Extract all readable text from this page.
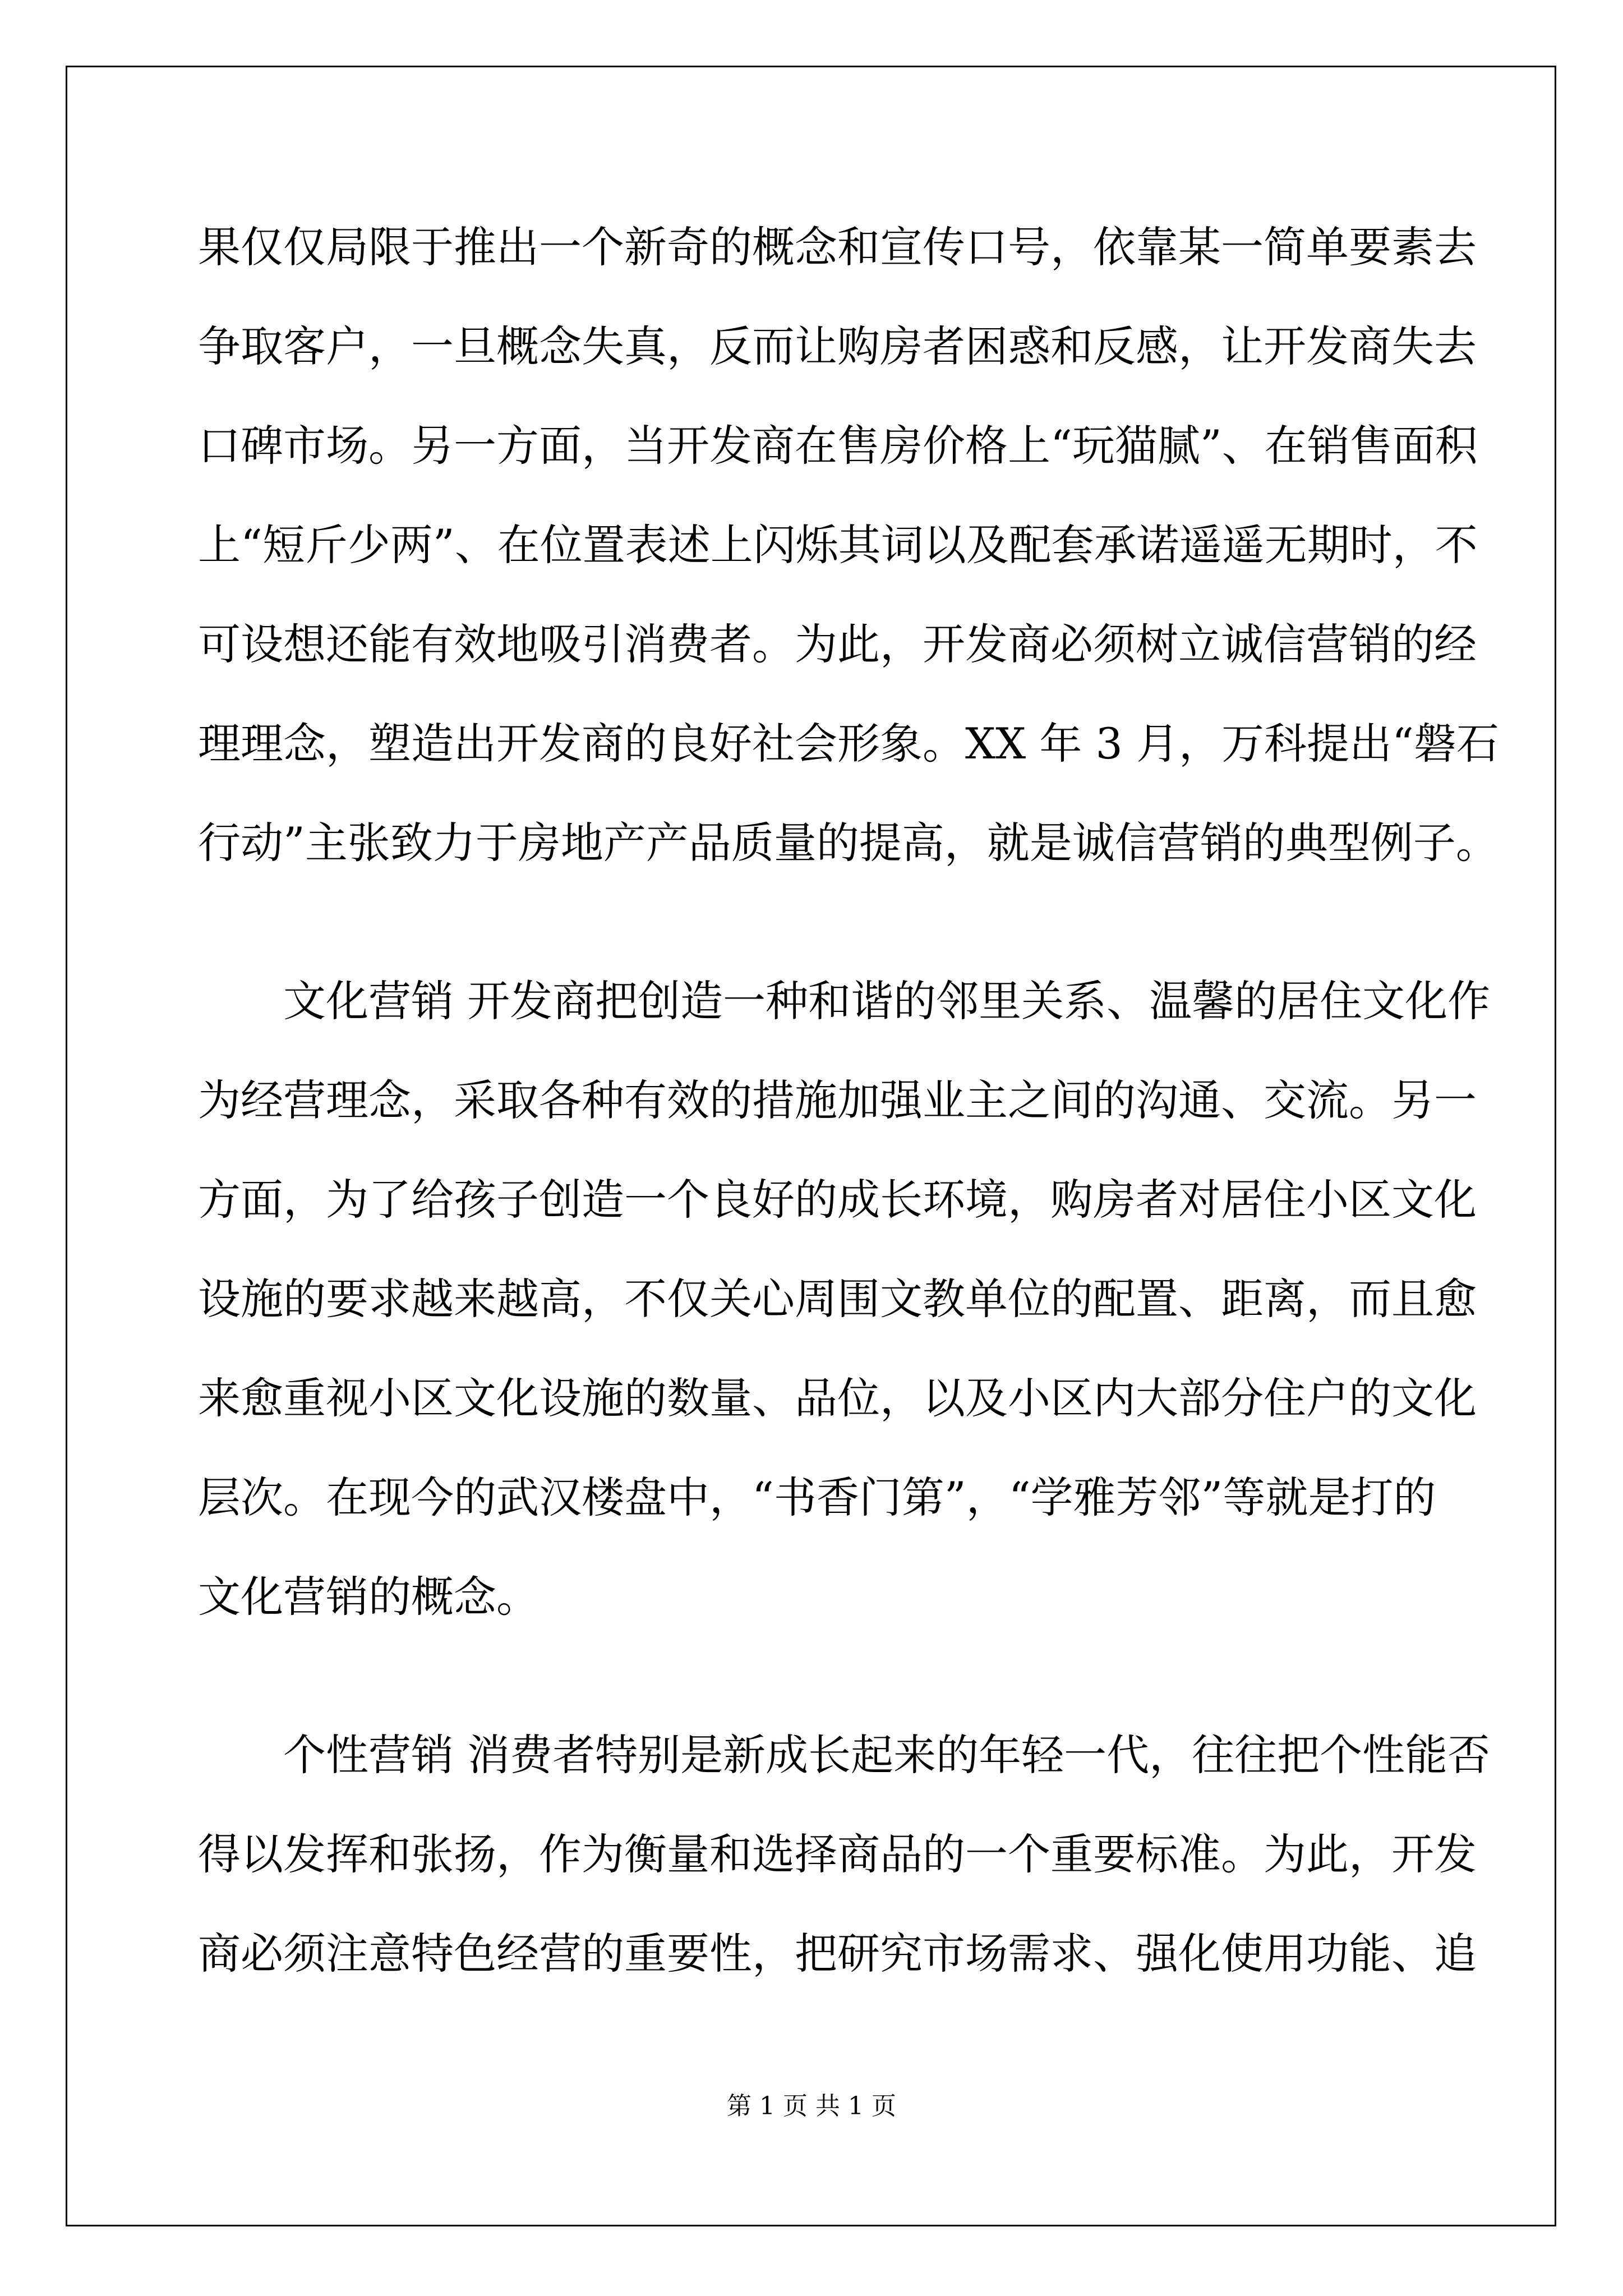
果仅仅局限于推出一个新奇的概念和宣传口号，依靠某一简单要素去
争取客户，一旦概念失真，反而让购房者困惑和反感，让开发商失去
口碑市场。另一方面，当开发商在售房价格上“玩猫腻”、在销售面积
上“短斤少两”、在位置表述上闪烁其词以及配套承诺遥遥无期时，不
可设想还能有效地吸引消费者。为此，开发商必须树立诚信营销的经
理理念，塑造出开发商的良好社会形象。XX 年 3 月，万科提出“磐石
行动”主张致力于房地产产品质量的提高，就是诚信营销的典型例子。
文化营销 开发商把创造一种和谐的邻里关系、温馨的居住文化作
为经营理念，采取各种有效的措施加强业主之间的沟通、交流。另一
方面，为了给孩子创造一个良好的成长环境，购房者对居住小区文化
设施的要求越来越高，不仅关心周围文教单位的配置、距离，而且愈
来愈重视小区文化设施的数量、品位，以及小区内大部分住户的文化
层次。在现今的武汉楼盘中，“书香门第”，“学雅芳邻”等就是打的
文化营销的概念。
个性营销 消费者特别是新成长起来的年轻一代，往往把个性能否
得以发挥和张扬，作为衡量和选择商品的一个重要标准。为此，开发
商必须注意特色经营的重要性，把研究市场需求、强化使用功能、追
第 1 页 共 1 页
